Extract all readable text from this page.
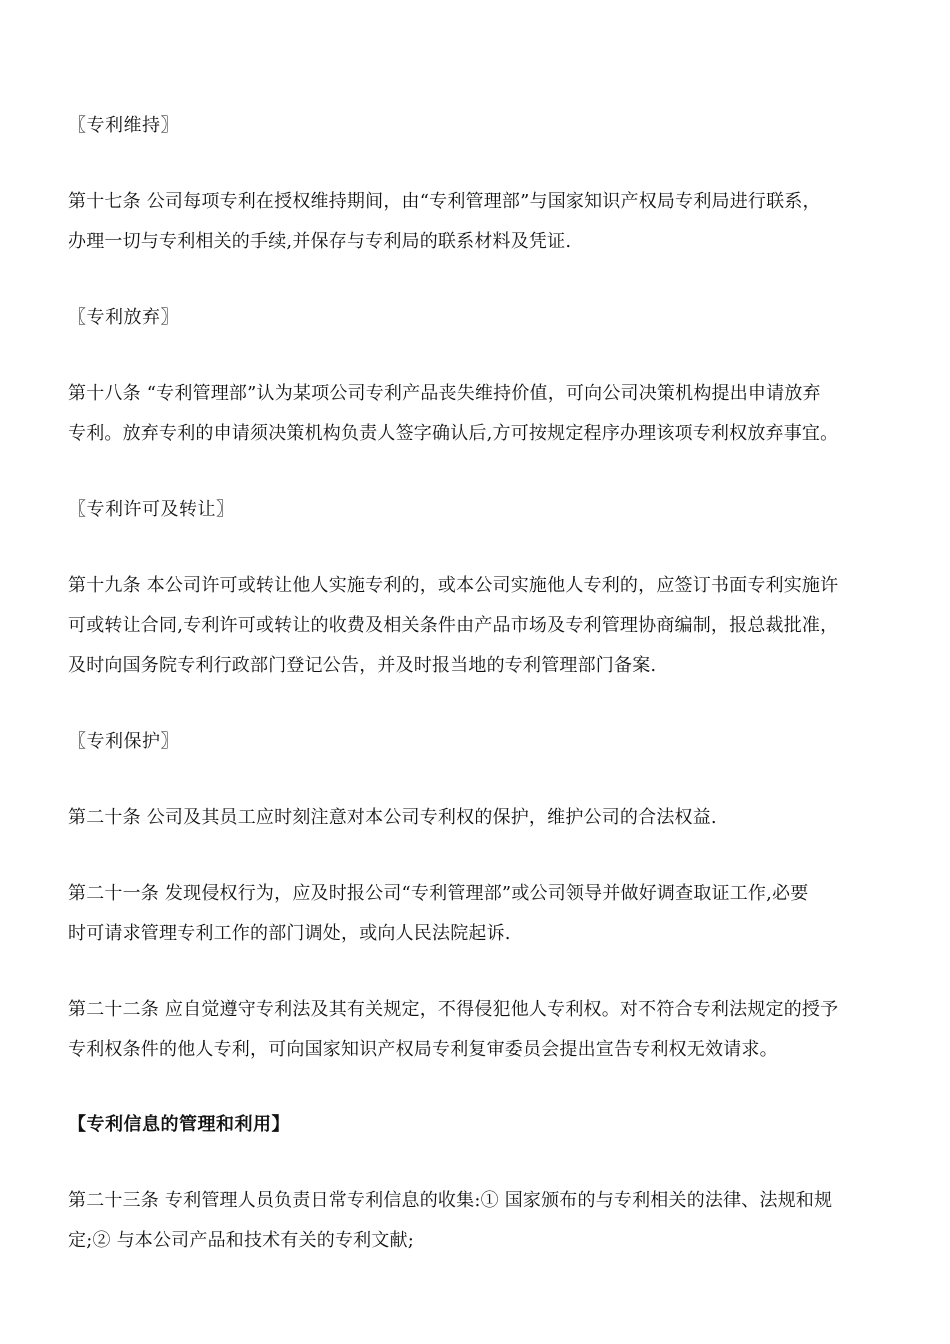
〖专利维持〗
第十七条 公司每项专利在授权维持期间，由“专利管理部”与国家知识产权局专利局进行联系，
办理一切与专利相关的手续,并保存与专利局的联系材料及凭证.
〖专利放弃〗
第十八条 “专利管理部”认为某项公司专利产品丧失维持价值，可向公司决策机构提出申请放弃
专利。放弃专利的申请须决策机构负责人签字确认后,方可按规定程序办理该项专利权放弃事宜。
〖专利许可及转让〗
第十九条 本公司许可或转让他人实施专利的，或本公司实施他人专利的，应签订书面专利实施许
可或转让合同,专利许可或转让的收费及相关条件由产品市场及专利管理协商编制，报总裁批准，
及时向国务院专利行政部门登记公告，并及时报当地的专利管理部门备案.
〖专利保护〗
第二十条 公司及其员工应时刻注意对本公司专利权的保护，维护公司的合法权益.
第二十一条 发现侵权行为，应及时报公司“专利管理部”或公司领导并做好调查取证工作,必要
时可请求管理专利工作的部门调处，或向人民法院起诉.
第二十二条 应自觉遵守专利法及其有关规定，不得侵犯他人专利权。对不符合专利法规定的授予
专利权条件的他人专利，可向国家知识产权局专利复审委员会提出宣告专利权无效请求。
【专利信息的管理和利用】
第二十三条 专利管理人员负责日常专利信息的收集:① 国家颁布的与专利相关的法律、法规和规
定;② 与本公司产品和技术有关的专利文献;
